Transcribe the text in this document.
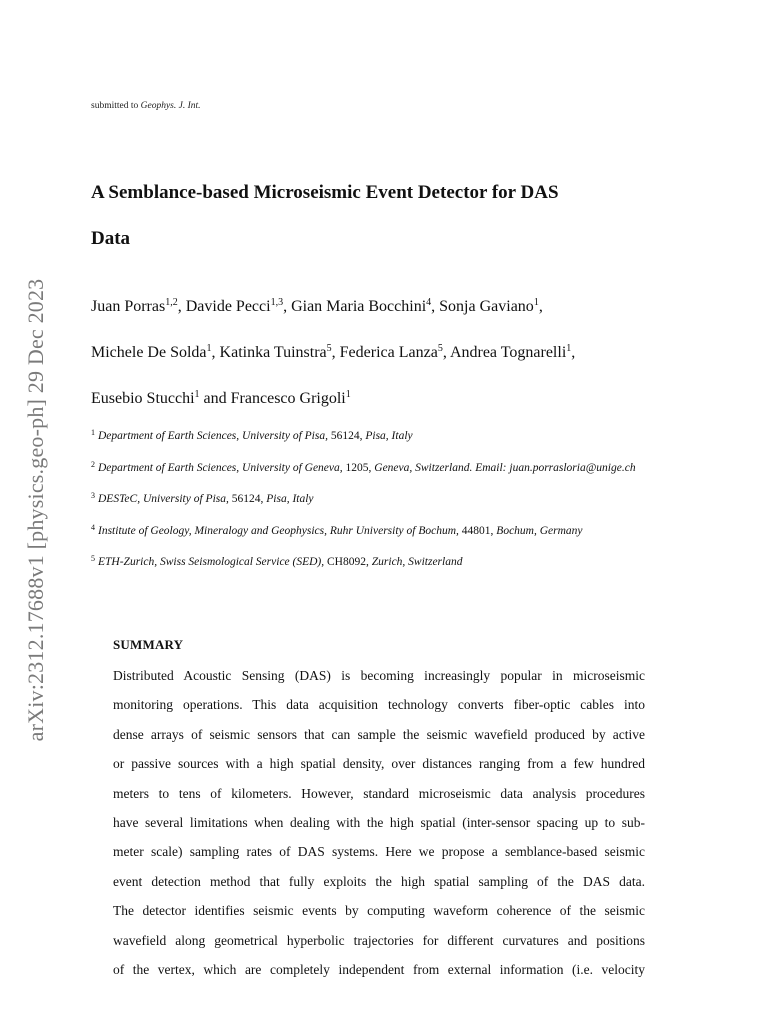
arXiv:2312.17688v1 [physics.geo-ph] 29 Dec 2023
submitted to Geophys. J. Int.
A Semblance-based Microseismic Event Detector for DAS
Data
Juan Porras$^{1,2}$, Davide Pecci$^{1,3}$, Gian Maria Bocchini$^4$, Sonja Gaviano$^1$,
Michele De Solda$^1$, Katinka Tuinstra$^5$, Federica Lanza$^5$, Andrea Tognarelli$^1$,
Eusebio Stucchi$^1$ and Francesco Grigoli$^1$
$^1$ Department of Earth Sciences, University of Pisa, 56124, Pisa, Italy
$^2$ Department of Earth Sciences, University of Geneva, 1205, Geneva, Switzerland. Email: juan.porrasloria@unige.ch
$^3$ DESTeC, University of Pisa, 56124, Pisa, Italy
$^4$ Institute of Geology, Mineralogy and Geophysics, Ruhr University of Bochum, 44801, Bochum, Germany
$^5$ ETH-Zurich, Swiss Seismological Service (SED), CH8092, Zurich, Switzerland
SUMMARY
Distributed Acoustic Sensing (DAS) is becoming increasingly popular in microseismic
monitoring operations. This data acquisition technology converts fiber-optic cables into
dense arrays of seismic sensors that can sample the seismic wavefield produced by active
or passive sources with a high spatial density, over distances ranging from a few hundred
meters to tens of kilometers. However, standard microseismic data analysis procedures
have several limitations when dealing with the high spatial (inter-sensor spacing up to sub-
meter scale) sampling rates of DAS systems. Here we propose a semblance-based seismic
event detection method that fully exploits the high spatial sampling of the DAS data.
The detector identifies seismic events by computing waveform coherence of the seismic
wavefield along geometrical hyperbolic trajectories for different curvatures and positions
of the vertex, which are completely independent from external information (i.e. velocity
